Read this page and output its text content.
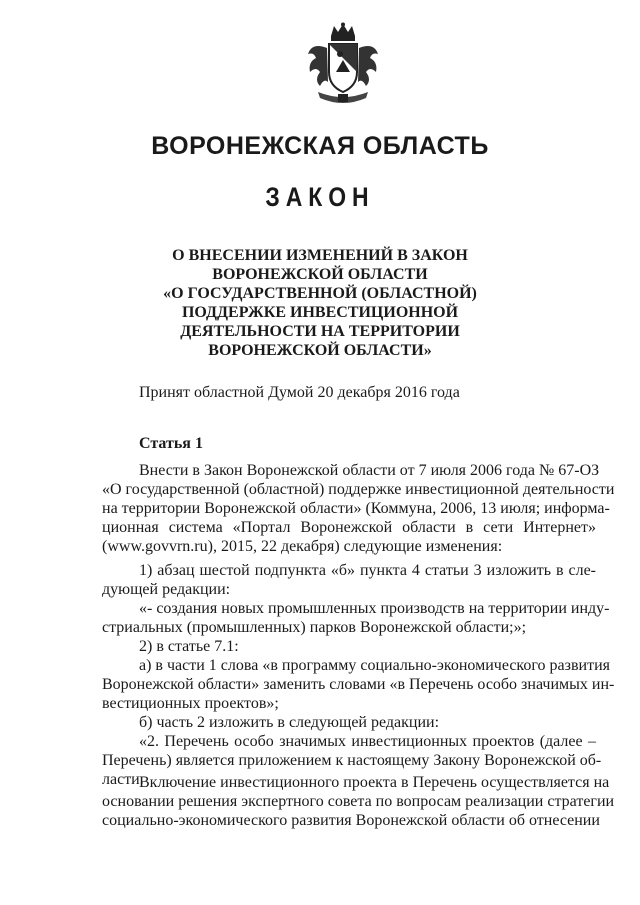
ВОРОНЕЖСКАЯ ОБЛАСТЬ
ЗАКОН
О ВНЕСЕНИИ ИЗМЕНЕНИЙ В ЗАКОН
ВОРОНЕЖСКОЙ ОБЛАСТИ
«О ГОСУДАРСТВЕННОЙ (ОБЛАСТНОЙ)
ПОДДЕРЖКЕ ИНВЕСТИЦИОННОЙ
ДЕЯТЕЛЬНОСТИ НА ТЕРРИТОРИИ
ВОРОНЕЖСКОЙ ОБЛАСТИ»
Принят областной Думой 20 декабря 2016 года
Статья 1
Внести в Закон Воронежской области от 7 июля 2006 года № 67-ОЗ
«О государственной (областной) поддержке инвестиционной деятельности
на территории Воронежской области» (Коммуна, 2006, 13 июля; информа-
ционная система «Портал Воронежской области в сети Интернет»
(www.govvrn.ru), 2015, 22 декабря) следующие изменения:
1) абзац шестой подпункта «б» пункта 4 статьи 3 изложить в сле-
дующей редакции:
«- создания новых промышленных производств на территории инду-
стриальных (промышленных) парков Воронежской области;»;
2) в статье 7.1:
а) в части 1 слова «в программу социально-экономического развития
Воронежской области» заменить словами «в Перечень особо значимых ин-
вестиционных проектов»;
б) часть 2 изложить в следующей редакции:
«2. Перечень особо значимых инвестиционных проектов (далее –
Перечень) является приложением к настоящему Закону Воронежской об-
ласти.
Включение инвестиционного проекта в Перечень осуществляется на
основании решения экспертного совета по вопросам реализации стратегии
социально-экономического развития Воронежской области об отнесении
